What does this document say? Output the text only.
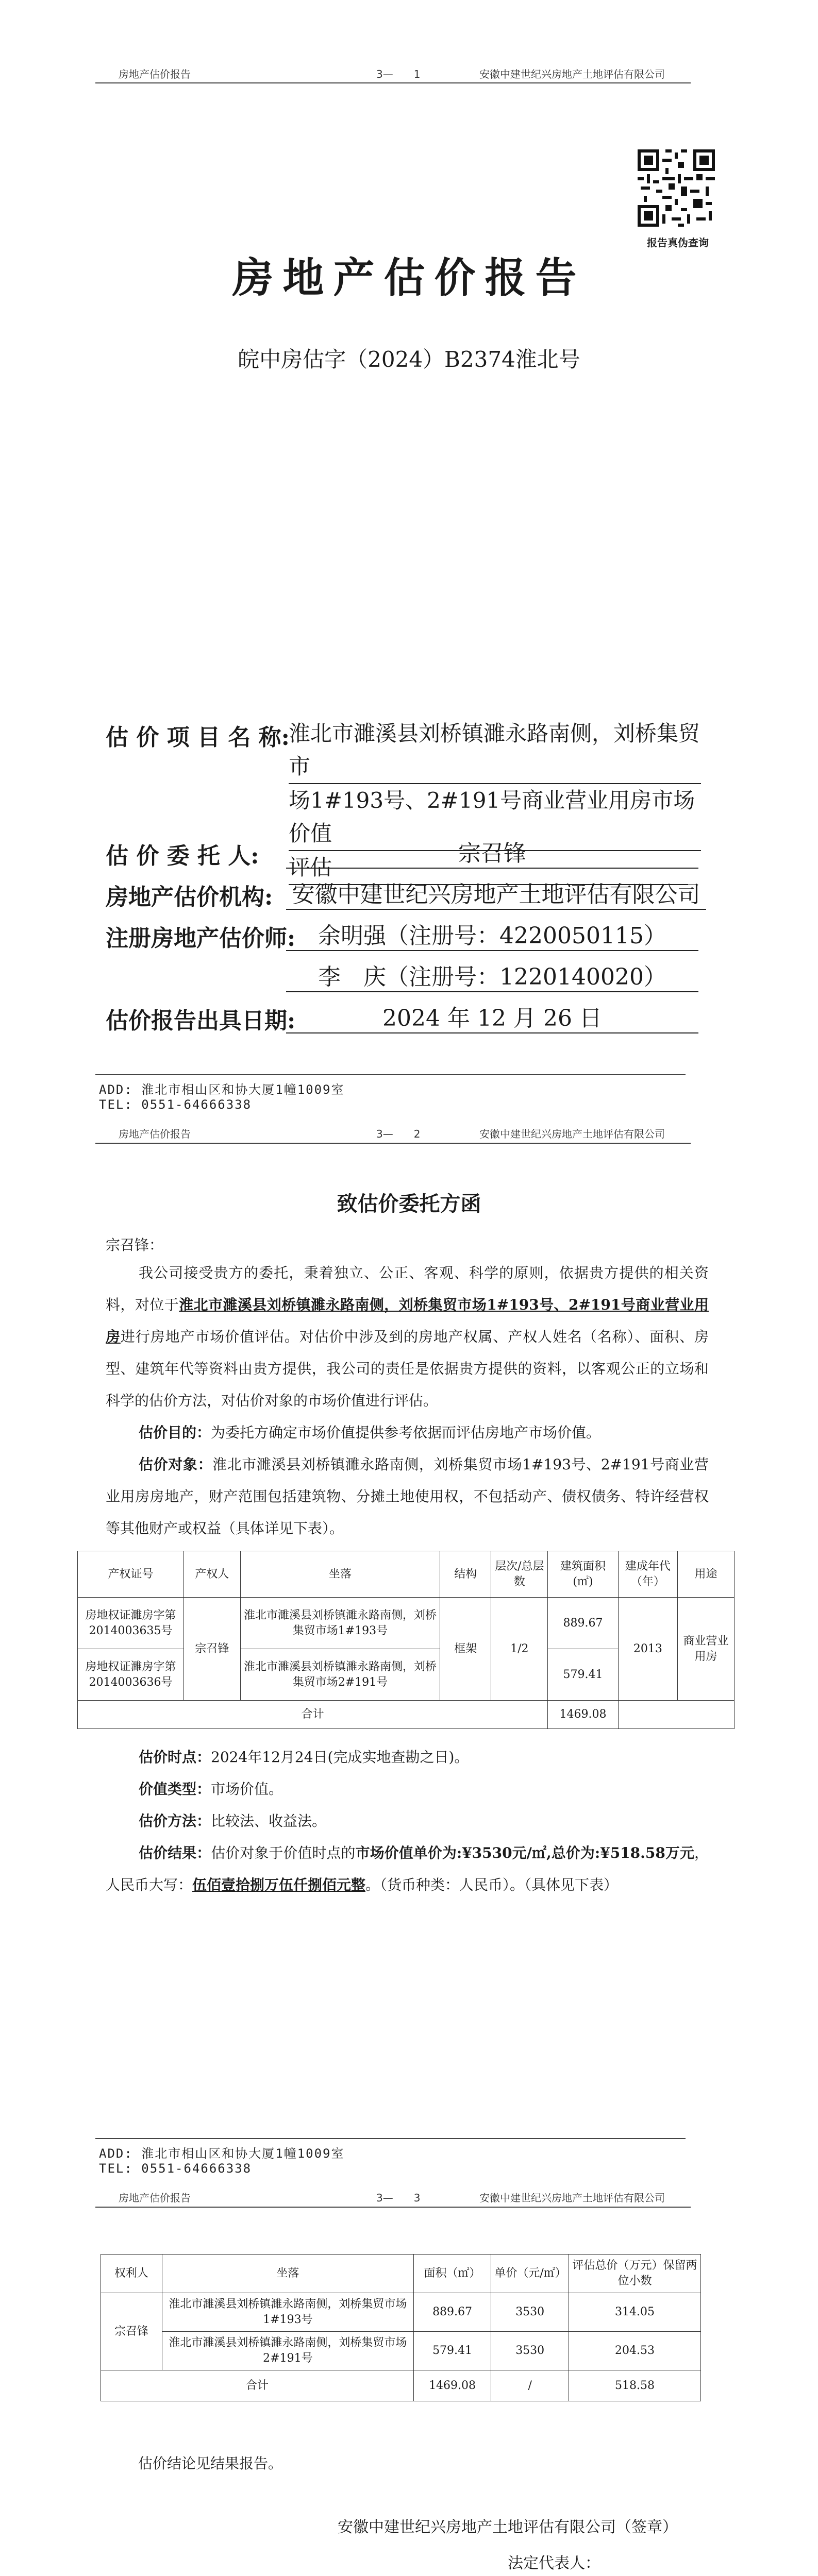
房地产估价报告	3—　　1	安徽中建世纪兴房地产土地评估有限公司
报告真伪查询
房地产估价报告
皖中房估字（2024）B2374淮北号
估 价 项 目 名 称:
淮北市濉溪县刘桥镇濉永路南侧，刘桥集贸市
场1#193号、2#191号商业营业用房市场价值
评估
估 价 委 托 人:	宗召锋
房地产估价机构: 安徽中建世纪兴房地产土地评估有限公司
注册房地产估价师: 余明强（注册号：4220050115）
李　庆（注册号：1220140020）
估价报告出具日期:	2024 年 12 月 26 日
ADD: 淮北市相山区和协大厦1幢1009室
TEL: 0551-64666338
房地产估价报告	3—　　2	安徽中建世纪兴房地产土地评估有限公司
致估价委托方函
宗召锋：
我公司接受贵方的委托，秉着独立、公正、客观、科学的原则，依据贵方提供的相关资料，对位于淮北市濉溪县刘桥镇濉永路南侧，刘桥集贸市场1#193号、2#191号商业营业用房进行房地产市场价值评估。对估价中涉及到的房地产权属、产权人姓名（名称）、面积、房型、建筑年代等资料由贵方提供，我公司的责任是依据贵方提供的资料，以客观公正的立场和科学的估价方法，对估价对象的市场价值进行评估。
估价目的：为委托方确定市场价值提供参考依据而评估房地产市场价值。
估价对象：淮北市濉溪县刘桥镇濉永路南侧，刘桥集贸市场1#193号、2#191号商业营业用房房地产，财产范围包括建筑物、分摊土地使用权，不包括动产、债权债务、特许经营权等其他财产或权益（具体详见下表）。
产权证号	产权人	坐落	结构	层次/总层数	建筑面积(㎡)	建成年代（年）	用途
房地权证濉房字第2014003635号	宗召锋	淮北市濉溪县刘桥镇濉永路南侧，刘桥集贸市场1#193号	框架	1/2	889.67	2013	商业营业用房
房地权证濉房字第2014003636号		淮北市濉溪县刘桥镇濉永路南侧，刘桥集贸市场2#191号			579.41		
合计					1469.08		
估价时点：2024年12月24日(完成实地查勘之日)。
价值类型：市场价值。
估价方法：比较法、收益法。
估价结果：估价对象于价值时点的市场价值单价为:¥3530元/㎡,总价为:¥518.58万元，人民币大写：伍佰壹拾捌万伍仟捌佰元整。（货币种类：人民币）。（具体见下表）
ADD: 淮北市相山区和协大厦1幢1009室
TEL: 0551-64666338
房地产估价报告	3—　　3	安徽中建世纪兴房地产土地评估有限公司
权利人	坐落	面积（㎡）	单价（元/㎡）	评估总价（万元）保留两位小数
宗召锋	淮北市濉溪县刘桥镇濉永路南侧，刘桥集贸市场1#193号	889.67	3530	314.05
	淮北市濉溪县刘桥镇濉永路南侧，刘桥集贸市场2#191号	579.41	3530	204.53
合计		1469.08	/	518.58
估价结论见结果报告。
安徽中建世纪兴房地产土地评估有限公司（签章）
法定代表人：
